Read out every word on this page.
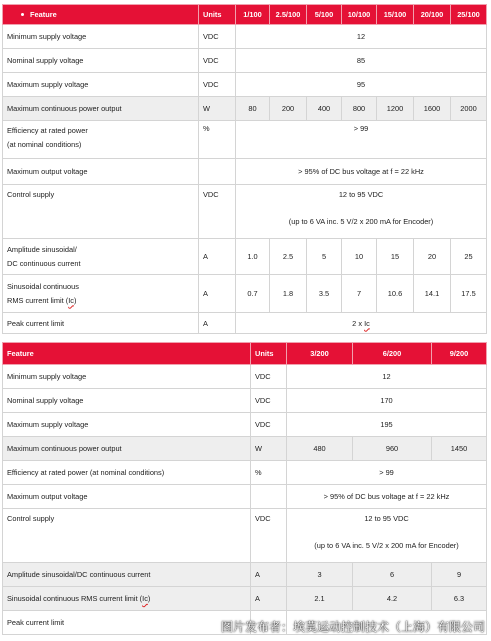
Feature	Units	1/100	2.5/100	5/100	10/100	15/100	20/100	25/100
Minimum supply voltage	VDC	12						
Nominal supply voltage	VDC	85						
Maximum supply voltage	VDC	95						
Maximum continuous power output	W	80	200	400	800	1200	1600	2000
Efficiency at rated power
(at nominal conditions)	%	> 99						
Maximum output voltage		> 95% of DC bus voltage at f = 22 kHz						
Control supply	VDC	12 to 95 VDC
(up to 6 VA inc. 5 V/2 x 200 mA for Encoder)						

Amplitude sinusoidal/
DC continuous current	A	1.0	2.5	5	10	15	20	25
Sinusoidal continuous
RMS current limit (Ic)	A	0.7	1.8	3.5	7	10.6	14.1	17.5
Peak current limit	A	2 x Ic						
Feature	Units	3/200	6/200	9/200
Minimum supply voltage	VDC	12		
Nominal supply voltage	VDC	170		
Maximum supply voltage	VDC	195		
Maximum continuous power output	W	480	960	1450
Efficiency at rated power (at nominal conditions)	%	> 99		
Maximum output voltage		> 95% of DC bus voltage at f = 22 kHz		
Control supply	VDC	12 to 95 VDC
(up to 6 VA inc. 5 V/2 x 200 mA for Encoder)		

Amplitude sinusoidal/DC continuous current	A	3	6	9
Sinusoidal continuous RMS current limit (Ic)	A	2.1	4.2	6.3
Peak current limit					图片发布者：埃莫运动控制技术（上海）有限公司
